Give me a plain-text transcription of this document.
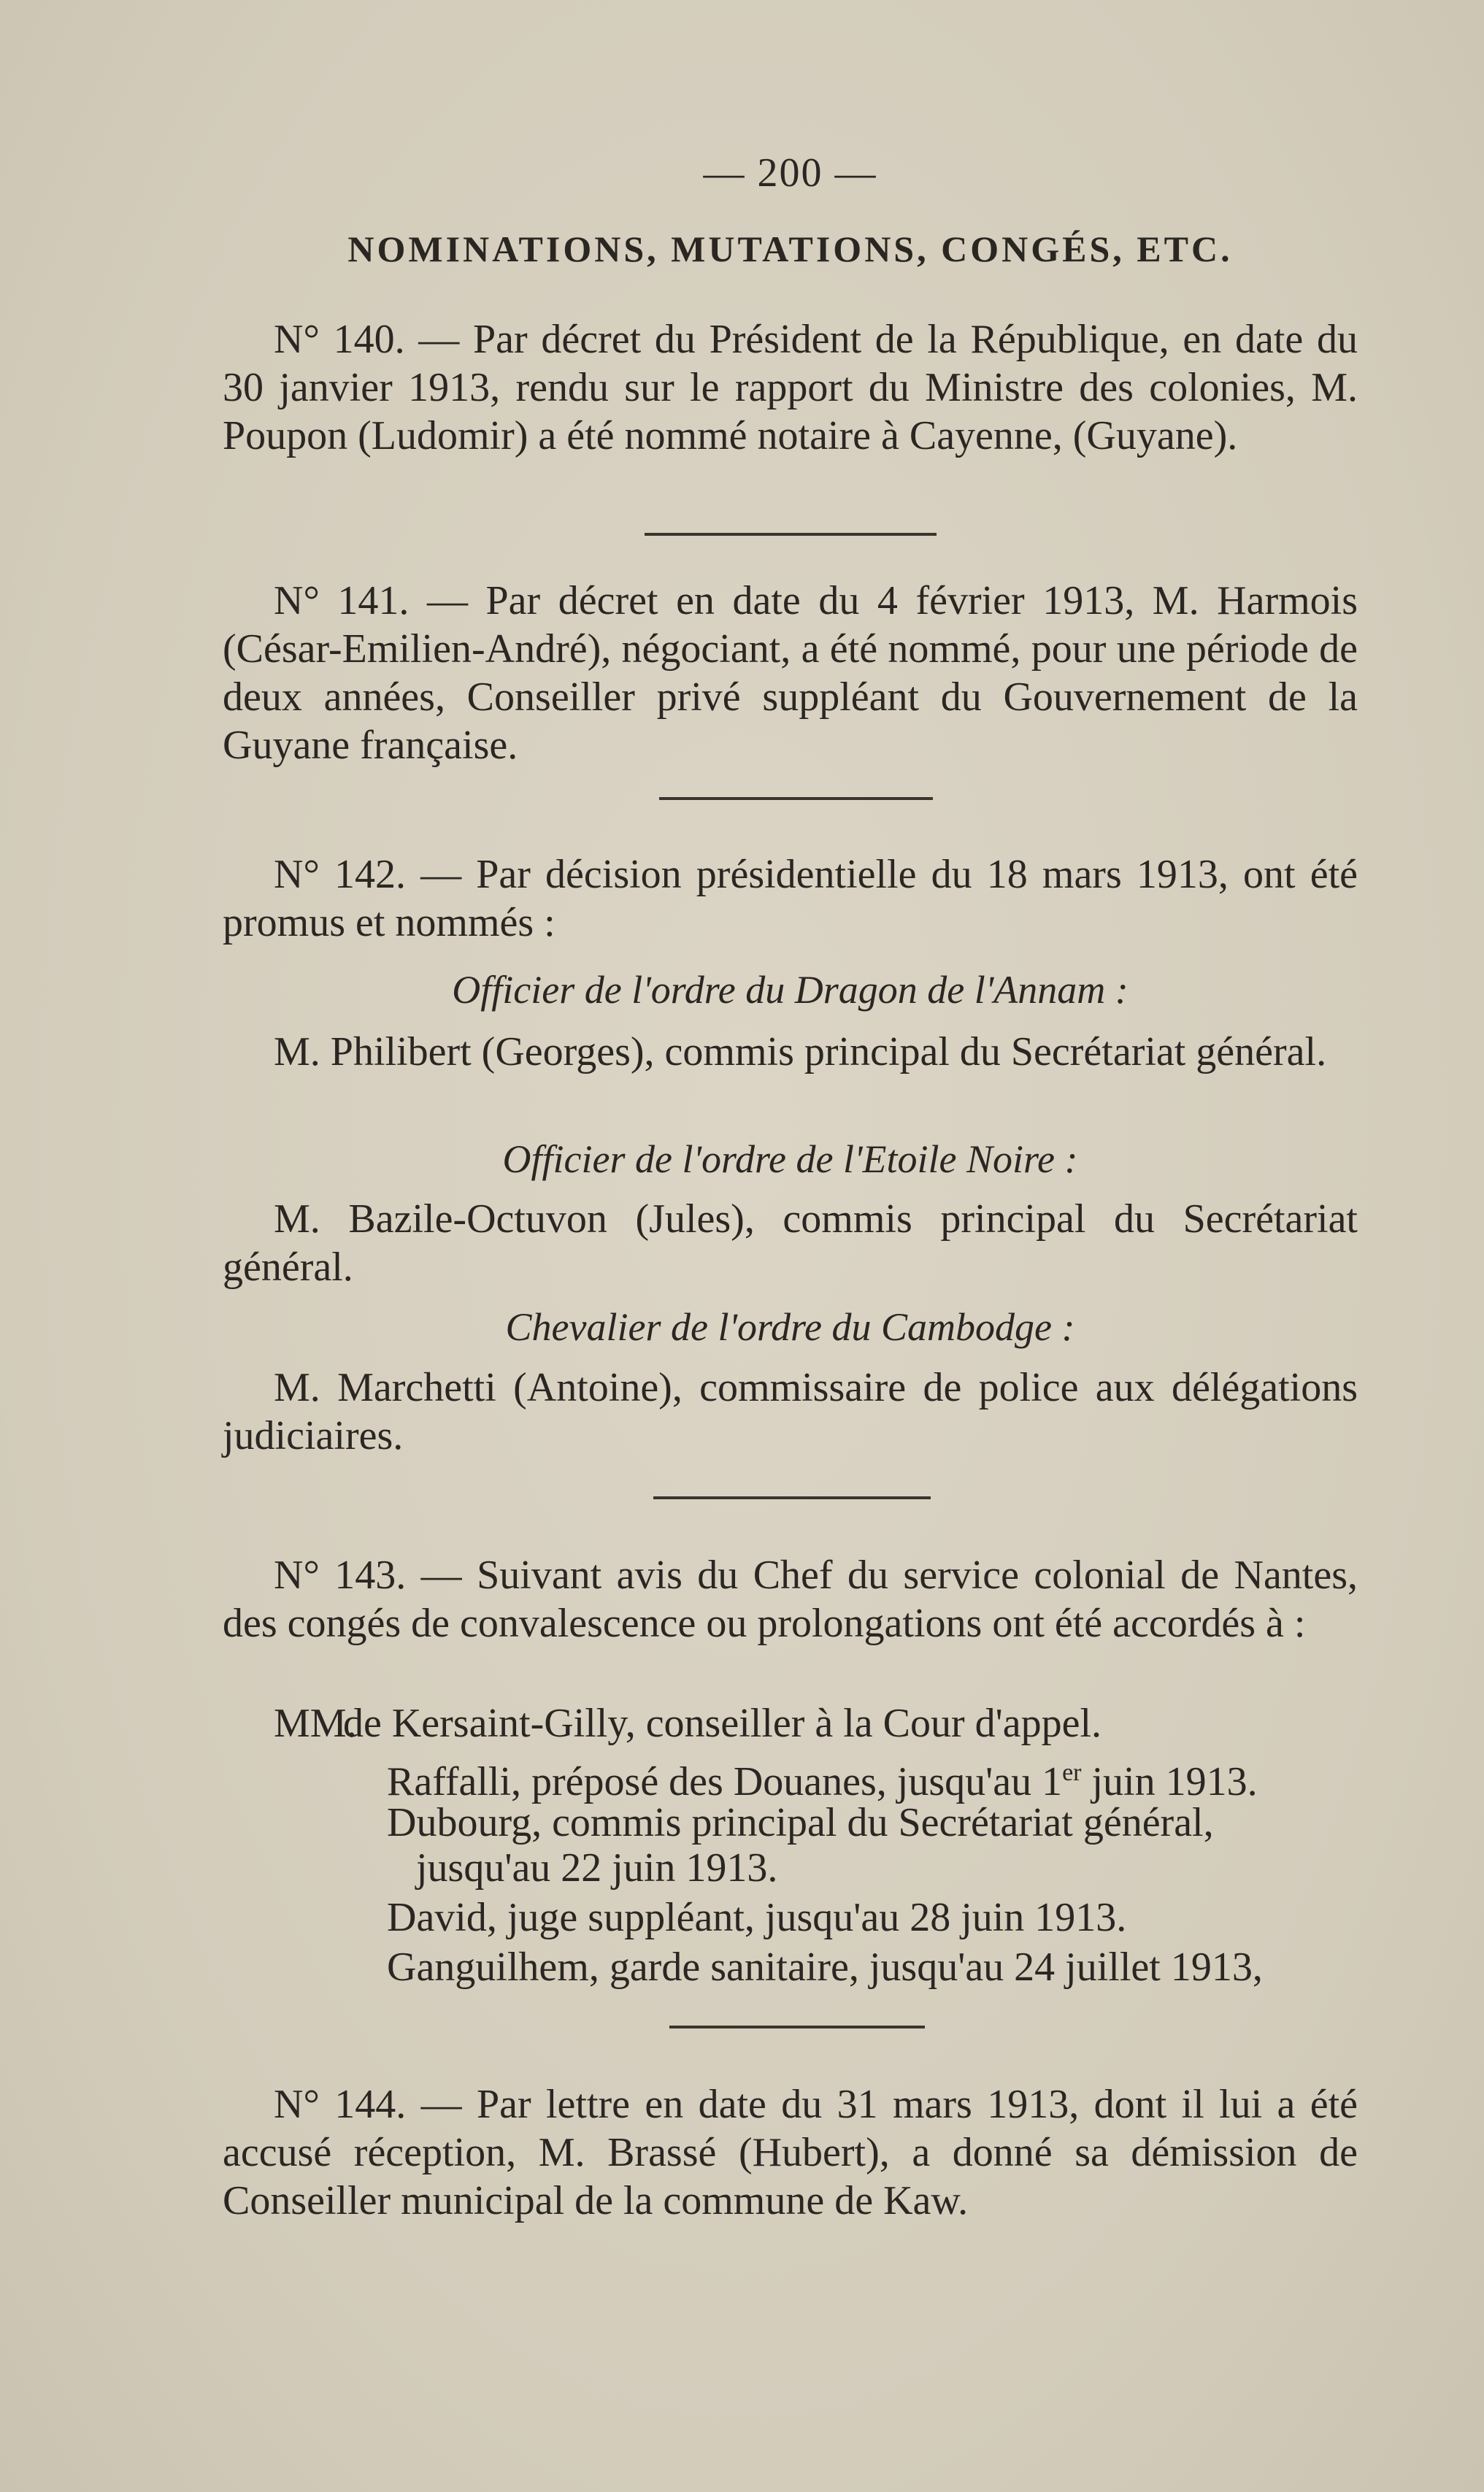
— 200 —
NOMINATIONS, MUTATIONS, CONGÉS, ETC.

N° 140. — Par décret du Président de la République, en date du 30 janvier 1913, rendu sur le rapport du Ministre des colonies, M. Poupon (Ludomir) a été nommé notaire à Cayenne, (Guyane).

N° 141. — Par décret en date du 4 février 1913, M. Harmois (César-Emilien-André), négociant, a été nommé, pour une période de deux années, Conseiller privé suppléant du Gouvernement de la Guyane française.

N° 142. — Par décision présidentielle du 18 mars 1913, ont été promus et nommés :

Officier de l'ordre du Dragon de l'Annam :

M. Philibert (Georges), commis principal du Secrétariat général.

Officier de l'ordre de l'Etoile Noire :

M. Bazile-Octuvon (Jules), commis principal du Secrétariat général.

Chevalier de l'ordre du Cambodge :

M. Marchetti (Antoine), commissaire de police aux délégations judiciaires.

N° 143. — Suivant avis du Chef du service colonial de Nantes, des congés de convalescence ou prolongations ont été accordés à :

MM.
de Kersaint-Gilly, conseiller à la Cour d'appel.
Raffalli, préposé des Douanes, jusqu'au 1er juin 1913.
Dubourg, commis principal du Secrétariat général,
jusqu'au 22 juin 1913.
David, juge suppléant, jusqu'au 28 juin 1913.
Ganguilhem, garde sanitaire, jusqu'au 24 juillet 1913,

N° 144. — Par lettre en date du 31 mars 1913, dont il lui a été accusé réception, M. Brassé (Hubert), a donné sa démission de Conseiller municipal de la commune de Kaw.
